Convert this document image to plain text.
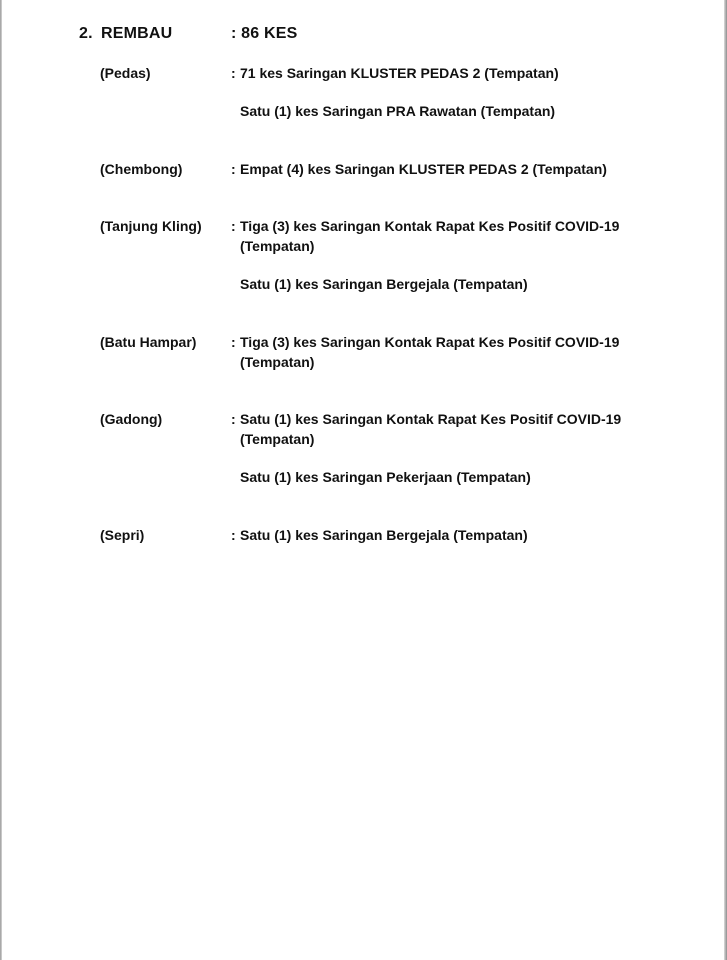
2. REMBAU	: 86 KES
(Pedas)	: 71 kes Saringan KLUSTER PEDAS 2 (Tempatan)
Satu (1) kes Saringan PRA Rawatan (Tempatan)
(Chembong)	: Empat (4) kes Saringan KLUSTER PEDAS 2 (Tempatan)
(Tanjung Kling) : Tiga (3) kes Saringan Kontak Rapat Kes Positif COVID-19 (Tempatan)
Satu (1) kes Saringan Bergejala (Tempatan)
(Batu Hampar) : Tiga (3) kes Saringan Kontak Rapat Kes Positif COVID-19 (Tempatan)
(Gadong)	: Satu (1) kes Saringan Kontak Rapat Kes Positif COVID-19 (Tempatan)
Satu (1) kes Saringan Pekerjaan (Tempatan)
(Sepri)	: Satu (1) kes Saringan Bergejala (Tempatan)
